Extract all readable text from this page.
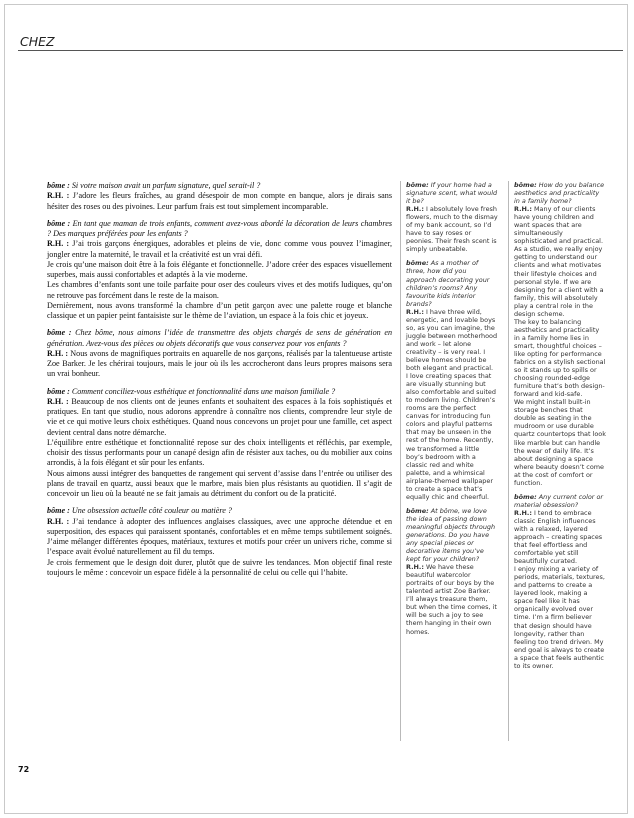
CHEZ

bôme : Si votre maison avait un parfum signature, quel serait-il ?

R.H. : J’adore les fleurs fraîches, au grand désespoir de mon compte en banque, alors je dirais sans hésiter des roses ou des pivoines. Leur parfum frais est tout simplement incomparable.

bôme : En tant que maman de trois enfants, comment avez-vous abordé la décoration de leurs chambres ? Des marques préférées pour les enfants ?

R.H. : J’ai trois garçons énergiques, adorables et pleins de vie, donc comme vous pouvez l’imaginer, jongler entre la maternité, le travail et la créativité est un vrai défi.

Je crois qu’une maison doit être à la fois élégante et fonctionnelle. J’adore créer des espaces visuellement superbes, mais aussi confortables et adaptés à la vie moderne.

Les chambres d’enfants sont une toile parfaite pour oser des couleurs vives et des motifs ludiques, qu’on ne retrouve pas forcément dans le reste de la maison.

Dernièrement, nous avons transformé la chambre d’un petit garçon avec une palette rouge et blanche classique et un papier peint fantaisiste sur le thème de l’aviation, un espace à la fois chic et joyeux.

bôme : Chez bôme, nous aimons l’idée de transmettre des objets chargés de sens de génération en génération. Avez-vous des pièces ou objets décoratifs que vous conservez pour vos enfants ?

R.H. : Nous avons de magnifiques portraits en aquarelle de nos garçons, réalisés par la talentueuse artiste Zoe Barker. Je les chérirai toujours, mais le jour où ils les accrocheront dans leurs propres maisons sera un vrai bonheur.

bôme : Comment conciliez-vous esthétique et fonctionnalité dans une maison familiale ?

R.H. : Beaucoup de nos clients ont de jeunes enfants et souhaitent des espaces à la fois sophistiqués et pratiques. En tant que studio, nous adorons apprendre à connaître nos clients, comprendre leur style de vie et ce qui motive leurs choix esthétiques. Quand nous concevons un projet pour une famille, cet aspect devient central dans notre démarche.

L’équilibre entre esthétique et fonctionnalité repose sur des choix intelligents et réfléchis, par exemple, choisir des tissus performants pour un canapé design afin de résister aux taches, ou du mobilier aux coins arrondis, à la fois élégant et sûr pour les enfants.

Nous aimons aussi intégrer des banquettes de rangement qui servent d’assise dans l’entrée ou utiliser des plans de travail en quartz, aussi beaux que le marbre, mais bien plus résistants au quotidien. Il s’agit de concevoir un lieu où la beauté ne se fait jamais au détriment du confort ou de la praticité.

bôme : Une obsession actuelle côté couleur ou matière ?

R.H. : J’ai tendance à adopter des influences anglaises classiques, avec une approche détendue et en superposition, des espaces qui paraissent spontanés, confortables et en même temps subtilement soignés. J’aime mélanger différentes époques, matériaux, textures et motifs pour créer un univers riche, comme si l’espace avait évolué naturellement au fil du temps.

Je crois fermement que le design doit durer, plutôt que de suivre les tendances. Mon objectif final reste toujours le même : concevoir un espace fidèle à la personnalité de celui ou celle qui l’habite.

bôme: If your home had a signature scent, what would it be?

R.H.: I absolutely love fresh flowers, much to the dismay of my bank account, so I’d have to say roses or peonies. Their fresh scent is simply unbeatable.

bôme: As a mother of three, how did you approach decorating your children’s rooms? Any favourite kids interior brands?

R.H.: I have three wild, energetic, and lovable boys so, as you can imagine, the juggle between motherhood and work – let alone creativity – is very real. I believe homes should be both elegant and practical.

I love creating spaces that are visually stunning but also comfortable and suited to modern living. Children’s rooms are the perfect canvas for introducing fun colors and playful patterns that may be unseen in the rest of the home. Recently, we transformed a little boy’s bedroom with a classic red and white palette, and a whimsical airplane-themed wallpaper to create a space that’s equally chic and cheerful.

bôme: At bôme, we love the idea of passing down meaningful objects through generations. Do you have any special pieces or decorative items you’ve kept for your children?

R.H.: We have these beautiful watercolor portraits of our boys by the talented artist Zoe Barker. I’ll always treasure them, but when the time comes, it will be such a joy to see them hanging in their own homes.

bôme: How do you balance aesthetics and practicality in a family home?

R.H.: Many of our clients have young children and want spaces that are simultaneously sophisticated and practical. As a studio, we really enjoy getting to understand our clients and what motivates their lifestyle choices and personal style. If we are designing for a client with a family, this will absolutely play a central role in the design scheme.

The key to balancing aesthetics and practicality in a family home lies in smart, thoughtful choices – like opting for performance fabrics on a stylish sectional so it stands up to spills or choosing rounded-edge furniture that’s both design-forward and kid-safe.

We might install built-in storage benches that double as seating in the mudroom or use durable quartz countertops that look like marble but can handle the wear of daily life. It’s about designing a space where beauty doesn’t come at the cost of comfort or function.

bôme: Any current color or material obsession?

R.H.: I tend to embrace classic English influences with a relaxed, layered approach – creating spaces that feel effortless and comfortable yet still beautifully curated.

I enjoy mixing a variety of periods, materials, textures, and patterns to create a layered look, making a space feel like it has organically evolved over time. I’m a firm believer that design should have longevity, rather than feeling too trend driven. My end goal is always to create a space that feels authentic to its owner.

72
